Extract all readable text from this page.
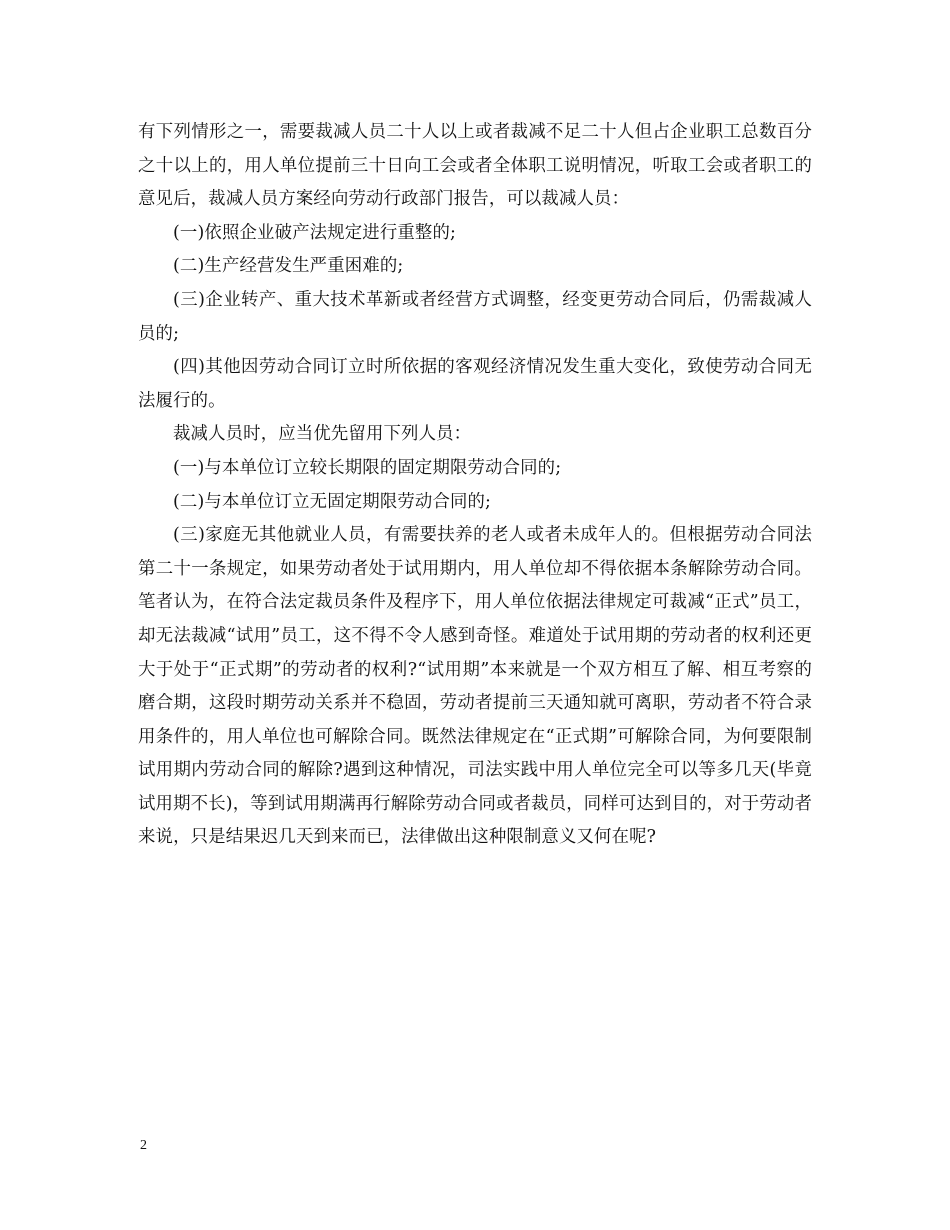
有下列情形之一，需要裁减人员二十人以上或者裁减不足二十人但占企业职工总数百分之十以上的，用人单位提前三十日向工会或者全体职工说明情况，听取工会或者职工的意见后，裁减人员方案经向劳动行政部门报告，可以裁减人员：

(一)依照企业破产法规定进行重整的;

(二)生产经营发生严重困难的;

(三)企业转产、重大技术革新或者经营方式调整，经变更劳动合同后，仍需裁减人员的;

(四)其他因劳动合同订立时所依据的客观经济情况发生重大变化，致使劳动合同无法履行的。

裁减人员时，应当优先留用下列人员：

(一)与本单位订立较长期限的固定期限劳动合同的;

(二)与本单位订立无固定期限劳动合同的;

(三)家庭无其他就业人员，有需要扶养的老人或者未成年人的。但根据劳动合同法第二十一条规定，如果劳动者处于试用期内，用人单位却不得依据本条解除劳动合同。笔者认为，在符合法定裁员条件及程序下，用人单位依据法律规定可裁减“正式”员工，却无法裁减“试用”员工，这不得不令人感到奇怪。难道处于试用期的劳动者的权利还更大于处于“正式期”的劳动者的权利?“试用期”本来就是一个双方相互了解、相互考察的磨合期，这段时期劳动关系并不稳固，劳动者提前三天通知就可离职，劳动者不符合录用条件的，用人单位也可解除合同。既然法律规定在“正式期”可解除合同，为何要限制试用期内劳动合同的解除?遇到这种情况，司法实践中用人单位完全可以等多几天(毕竟试用期不长)，等到试用期满再行解除劳动合同或者裁员，同样可达到目的，对于劳动者来说，只是结果迟几天到来而已，法律做出这种限制意义又何在呢?

2
